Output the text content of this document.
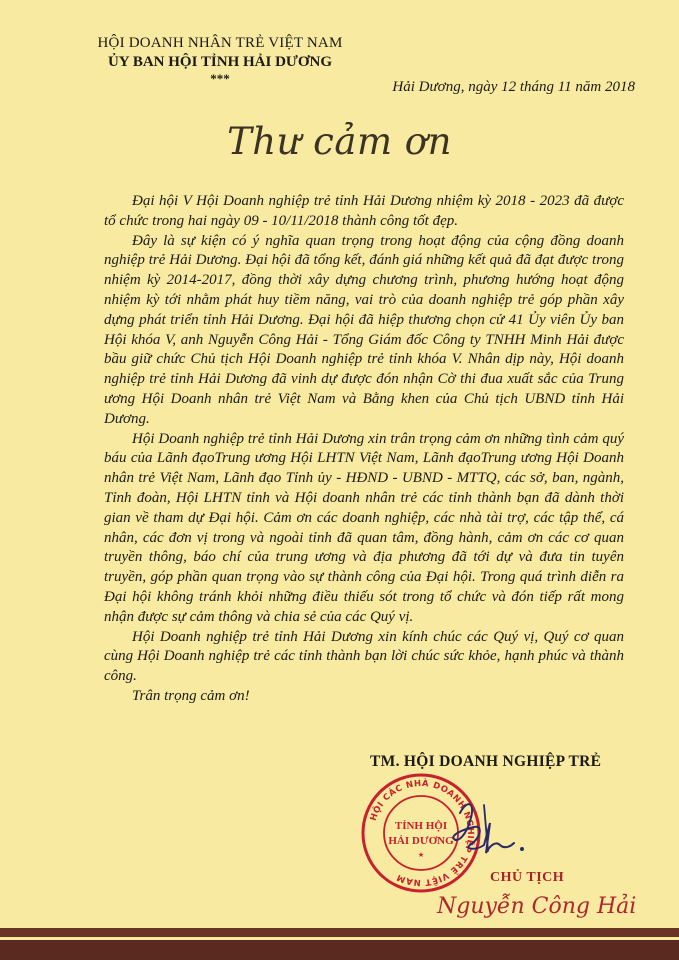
HỘI DOANH NHÂN TRẺ VIỆT NAM
ỦY BAN HỘI TỈNH HẢI DƯƠNG
***
Hải Dương, ngày 12 tháng 11 năm 2018
Thư cảm ơn

Đại hội V Hội Doanh nghiệp trẻ tỉnh Hải Dương nhiệm kỳ 2018 - 2023 đã được tổ chức trong hai ngày 09 - 10/11/2018 thành công tốt đẹp.

Đây là sự kiện có ý nghĩa quan trọng trong hoạt động của cộng đồng doanh nghiệp trẻ Hải Dương. Đại hội đã tổng kết, đánh giá những kết quả đã đạt được trong nhiệm kỳ 2014-2017, đồng thời xây dựng chương trình, phương hướng hoạt động nhiệm kỳ tới nhằm phát huy tiềm năng, vai trò của doanh nghiệp trẻ góp phần xây dựng phát triển tỉnh Hải Dương. Đại hội đã hiệp thương chọn cử 41 Ủy viên Ủy ban Hội khóa V, anh Nguyễn Công Hải - Tổng Giám đốc Công ty TNHH Minh Hải được bầu giữ chức Chủ tịch Hội Doanh nghiệp trẻ tỉnh khóa V. Nhân dịp này, Hội doanh nghiệp trẻ tỉnh Hải Dương đã vinh dự được đón nhận Cờ thi đua xuất sắc của Trung ương Hội Doanh nhân trẻ Việt Nam và Bằng khen của Chủ tịch UBND tỉnh Hải Dương.

Hội Doanh nghiệp trẻ tỉnh Hải Dương xin trân trọng cảm ơn những tình cảm quý báu của Lãnh đạoTrung ương Hội LHTN Việt Nam, Lãnh đạoTrung ương Hội Doanh nhân trẻ Việt Nam, Lãnh đạo Tỉnh ủy - HĐND - UBND - MTTQ, các sở, ban, ngành, Tỉnh đoàn, Hội LHTN tỉnh và Hội doanh nhân trẻ các tỉnh thành bạn đã dành thời gian về tham dự Đại hội. Cảm ơn các doanh nghiệp, các nhà tài trợ, các tập thể, cá nhân, các đơn vị trong và ngoài tỉnh đã quan tâm, đồng hành, cảm ơn các cơ quan truyền thông, báo chí của trung ương và địa phương đã tới dự và đưa tin tuyên truyền, góp phần quan trọng vào sự thành công của Đại hội. Trong quá trình diễn ra Đại hội không tránh khỏi những điều thiếu sót trong tổ chức và đón tiếp rất mong nhận được sự cảm thông và chia sẻ của các Quý vị.

Hội Doanh nghiệp trẻ tỉnh Hải Dương xin kính chúc các Quý vị, Quý cơ quan cùng Hội Doanh nghiệp trẻ các tỉnh thành bạn lời chúc sức khỏe, hạnh phúc và thành công.

Trân trọng cảm ơn!

TM. HỘI DOANH NGHIỆP TRẺ
HỘI CÁC NHÀ DOANH NGHIỆP TRẺ VIỆT NAM
TỈNH HỘI
HẢI DƯƠNG
★
CHỦ TỊCH
Nguyễn Công Hải
